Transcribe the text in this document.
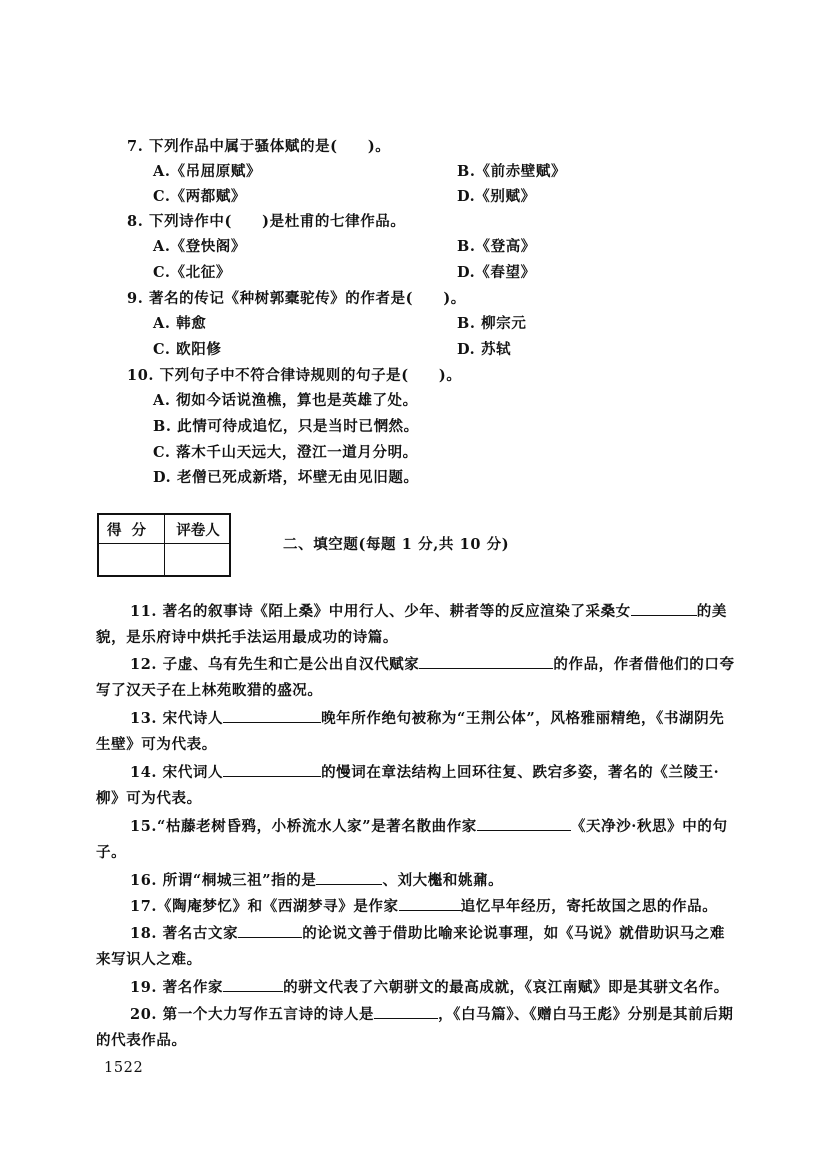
7. 下列作品中属于骚体赋的是(　　)。
A.《吊屈原赋》	B.《前赤壁赋》
C.《两都赋》	D.《别赋》
8. 下列诗作中(　　)是杜甫的七律作品。
A.《登快阁》	B.《登高》
C.《北征》	D.《春望》
9. 著名的传记《种树郭橐驼传》的作者是(　　)。
A. 韩愈	B. 柳宗元
C. 欧阳修	D. 苏轼
10. 下列句子中不符合律诗规则的句子是(　　)。
A. 彻如今话说渔樵，算也是英雄了处。
B. 此情可待成追忆，只是当时已惘然。
C. 落木千山天远大，澄江一道月分明。
D. 老僧已死成新塔，坏壁无由见旧题。
得分	评卷人
二、填空题(每题 1 分,共 10 分)
11. 著名的叙事诗《陌上桑》中用行人、少年、耕者等的反应渲染了采桑女	的美
貌，是乐府诗中烘托手法运用最成功的诗篇。
12. 子虚、乌有先生和亡是公出自汉代赋家	的作品，作者借他们的口夸
写了汉天子在上林苑畋猎的盛况。
13. 宋代诗人	晚年所作绝句被称为“王荆公体”，风格雅丽精绝，《书湖阴先
生壁》可为代表。
14. 宋代词人	的慢词在章法结构上回环往复、跌宕多姿，著名的《兰陵王·
柳》可为代表。
15.“枯藤老树昏鸦，小桥流水人家”是著名散曲作家	《天净沙·秋思》中的句
子。
16. 所谓“桐城三祖”指的是	、刘大櫆和姚鼐。
17.《陶庵梦忆》和《西湖梦寻》是作家	追忆早年经历，寄托故国之思的作品。
18. 著名古文家	的论说文善于借助比喻来论说事理，如《马说》就借助识马之难
来写识人之难。
19. 著名作家	的骈文代表了六朝骈文的最高成就，《哀江南赋》即是其骈文名作。
20. 第一个大力写作五言诗的诗人是	，《白马篇》、《赠白马王彪》分别是其前后期
的代表作品。
1522
